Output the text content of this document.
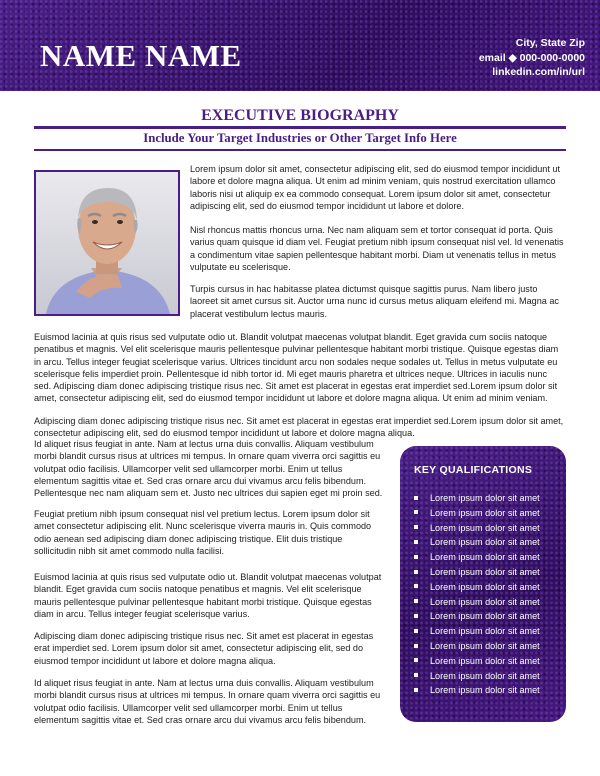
NAME NAME	City, State Zip
email ◆ 000-000-0000
linkedin.com/in/url
EXECUTIVE BIOGRAPHY
Include Your Target Industries or Other Target Info Here

Lorem ipsum dolor sit amet, consectetur adipiscing elit, sed do eiusmod tempor incididunt ut labore et dolore magna aliqua. Ut enim ad minim veniam, quis nostrud exercitation ullamco laboris nisi ut aliquip ex ea commodo consequat. Lorem ipsum dolor sit amet, consectetur adipiscing elit, sed do eiusmod tempor incididunt ut labore et dolore.

Nisl rhoncus mattis rhoncus urna. Nec nam aliquam sem et tortor consequat id porta. Quis varius quam quisque id diam vel. Feugiat pretium nibh ipsum consequat nisl vel. Id venenatis a condimentum vitae sapien pellentesque habitant morbi. Diam ut venenatis tellus in metus vulputate eu scelerisque.

Turpis cursus in hac habitasse platea dictumst quisque sagittis purus. Nam libero justo laoreet sit amet cursus sit. Auctor urna nunc id cursus metus aliquam eleifend mi. Magna ac placerat vestibulum lectus mauris.

Euismod lacinia at quis risus sed vulputate odio ut. Blandit volutpat maecenas volutpat blandit. Eget gravida cum sociis natoque penatibus et magnis. Vel elit scelerisque mauris pellentesque pulvinar pellentesque habitant morbi tristique. Quisque egestas diam in arcu. Tellus integer feugiat scelerisque varius. Ultrices tincidunt arcu non sodales neque sodales ut. Tellus in metus vulputate eu scelerisque felis imperdiet proin. Pellentesque id nibh tortor id. Mi eget mauris pharetra et ultrices neque. Ultrices in iaculis nunc sed. Adipiscing diam donec adipiscing tristique risus nec. Sit amet est placerat in egestas erat imperdiet sed.Lorem ipsum dolor sit amet, consectetur adipiscing elit, sed do eiusmod tempor incididunt ut labore et dolore magna aliqua. Ut enim ad minim veniam.

Adipiscing diam donec adipiscing tristique risus nec. Sit amet est placerat in egestas erat imperdiet sed.Lorem ipsum dolor sit amet, consectetur adipiscing elit, sed do eiusmod tempor incididunt ut labore et dolore magna aliqua.

Id aliquet risus feugiat in ante. Nam at lectus urna duis convallis. Aliquam vestibulum morbi blandit cursus risus at ultrices mi tempus. In ornare quam viverra orci sagittis eu volutpat odio facilisis. Ullamcorper velit sed ullamcorper morbi. Enim ut tellus elementum sagittis vitae et. Sed cras ornare arcu dui vivamus arcu felis bibendum. Pellentesque nec nam aliquam sem et. Justo nec ultrices dui sapien eget mi proin sed.

Feugiat pretium nibh ipsum consequat nisl vel pretium lectus. Lorem ipsum dolor sit amet consectetur adipiscing elit. Nunc scelerisque viverra mauris in. Quis commodo odio aenean sed adipiscing diam donec adipiscing tristique. Elit duis tristique sollicitudin nibh sit amet commodo nulla facilisi.

Euismod lacinia at quis risus sed vulputate odio ut. Blandit volutpat maecenas volutpat blandit. Eget gravida cum sociis natoque penatibus et magnis. Vel elit scelerisque mauris pellentesque pulvinar pellentesque habitant morbi tristique. Quisque egestas diam in arcu. Tellus integer feugiat scelerisque varius.

Adipiscing diam donec adipiscing tristique risus nec. Sit amet est placerat in egestas erat imperdiet sed. Lorem ipsum dolor sit amet, consectetur adipiscing elit, sed do eiusmod tempor incididunt ut labore et dolore magna aliqua.

Id aliquet risus feugiat in ante. Nam at lectus urna duis convallis. Aliquam vestibulum morbi blandit cursus risus at ultrices mi tempus. In ornare quam viverra orci sagittis eu volutpat odio facilisis. Ullamcorper velit sed ullamcorper morbi. Enim ut tellus elementum sagittis vitae et. Sed cras ornare arcu dui vivamus arcu felis bibendum.

KEY QUALIFICATIONS
Lorem ipsum dolor sit amet
Lorem ipsum dolor sit amet
Lorem ipsum dolor sit amet
Lorem ipsum dolor sit amet
Lorem ipsum dolor sit amet
Lorem ipsum dolor sit amet
Lorem ipsum dolor sit amet
Lorem ipsum dolor sit amet
Lorem ipsum dolor sit amet
Lorem ipsum dolor sit amet
Lorem ipsum dolor sit amet
Lorem ipsum dolor sit amet
Lorem ipsum dolor sit amet
Lorem ipsum dolor sit amet
